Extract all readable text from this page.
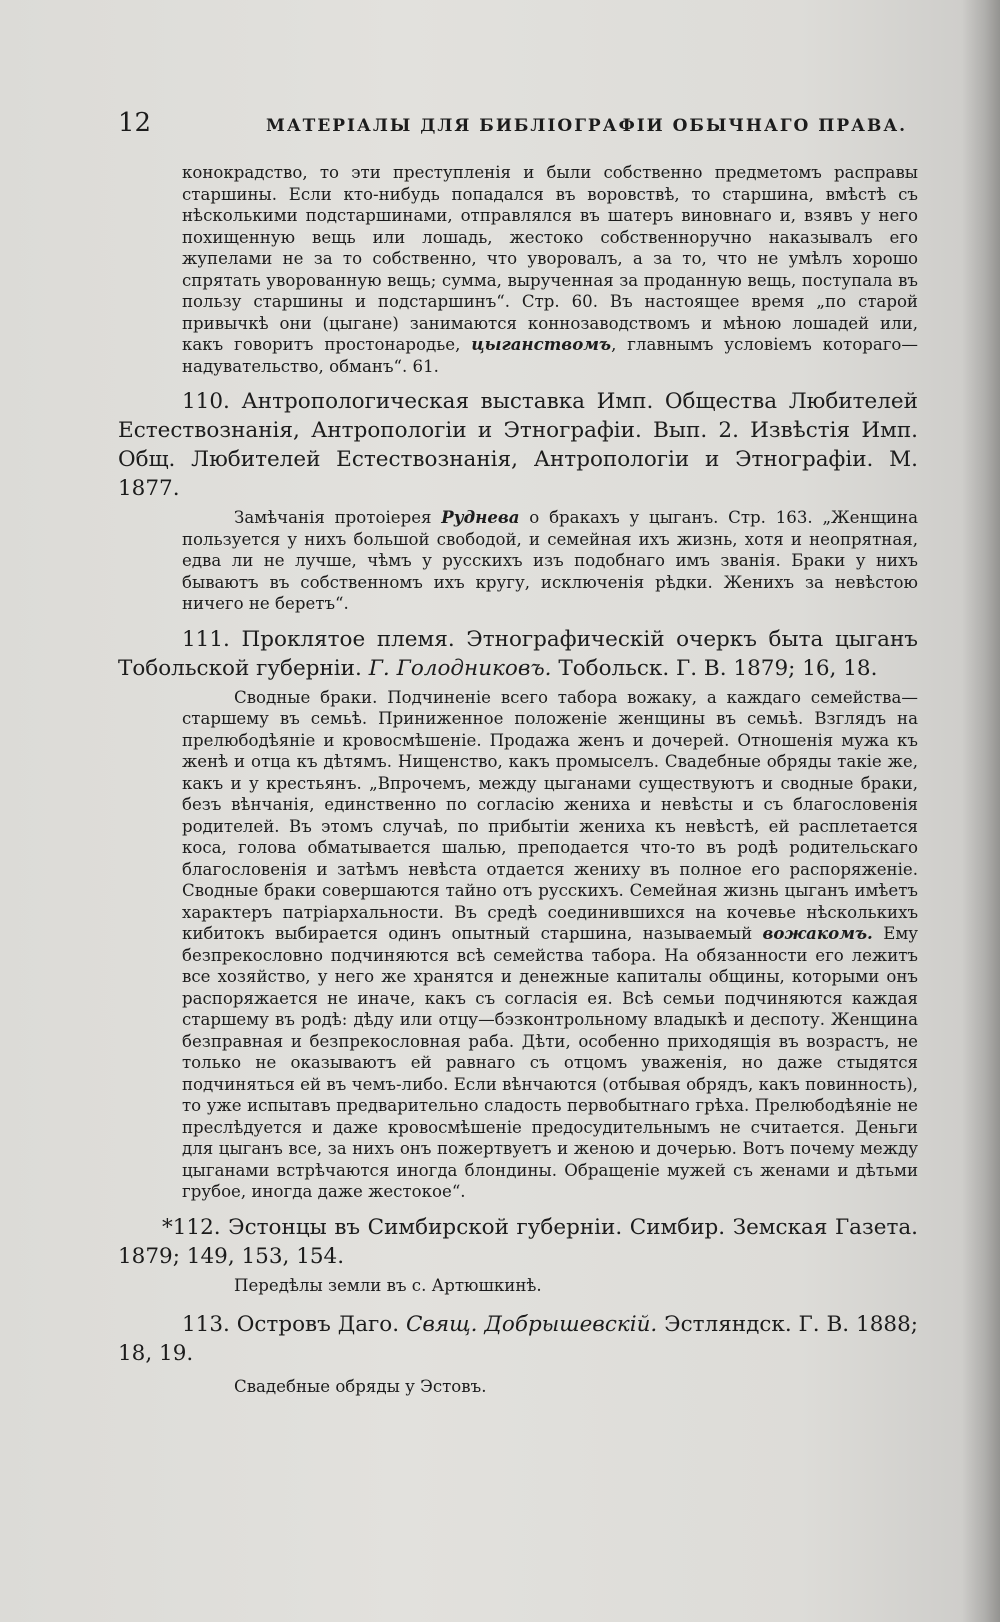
12	МАТЕРІАЛЫ ДЛЯ БИБЛІОГРАФІИ ОБЫЧНАГО ПРАВА.

конокрадство, то эти преступленія и были собственно предметомъ расправы старшины. Если кто-нибудь попадался въ воровствѣ, то старшина, вмѣстѣ съ нѣсколькими подстаршинами, отправлялся въ шатеръ виновнаго и, взявъ у него похищенную вещь или лошадь, жестоко собственноручно наказывалъ его жупелами не за то собственно, что уворовалъ, а за то, что не умѣлъ хорошо спрятать уворованную вещь; сумма, вырученная за проданную вещь, поступала въ пользу старшины и подстаршинъ“. Стр. 60. Въ настоящее время „по старой привычкѣ они (цыгане) занимаются коннозаводствомъ и мѣною лошадей или, какъ говоритъ простонародье, цыганствомъ, главнымъ условіемъ котораго—надувательство, обманъ“. 61.

110. Антропологическая выставка Имп. Общества Любителей Естествознанія, Антропологіи и Этнографіи. Вып. 2. Извѣстія Имп. Общ. Любителей Естествознанія, Антропологіи и Этнографіи. М. 1877.

Замѣчанія протоіерея Руднева о бракахъ у цыганъ. Стр. 163. „Женщина пользуется у нихъ большой свободой, и семейная ихъ жизнь, хотя и неопрятная, едва ли не лучше, чѣмъ у русскихъ изъ подобнаго имъ званія. Браки у нихъ бываютъ въ собственномъ ихъ кругу, исключенія рѣдки. Женихъ за невѣстою ничего не беретъ“.

111. Проклятое племя. Этнографическій очеркъ быта цыганъ Тобольской губерніи. Г. Голодниковъ. Тобольск. Г. В. 1879; 16, 18.

Сводные браки. Подчиненіе всего табора вожаку, а каждаго семейства—старшему въ семьѣ. Приниженное положеніе женщины въ семьѣ. Взглядъ на прелюбодѣяніе и кровосмѣшеніе. Продажа женъ и дочерей. Отношенія мужа къ женѣ и отца къ дѣтямъ. Нищенство, какъ промыселъ. Свадебные обряды такіе же, какъ и у крестьянъ. „Впрочемъ, между цыганами существуютъ и сводные браки, безъ вѣнчанія, единственно по согласію жениха и невѣсты и съ благословенія родителей. Въ этомъ случаѣ, по прибытіи жениха къ невѣстѣ, ей расплетается коса, голова обматывается шалью, преподается что-то въ родѣ родительскаго благословенія и затѣмъ невѣста отдается жениху въ полное его распоряженіе. Сводные браки совершаются тайно отъ русскихъ. Семейная жизнь цыганъ имѣетъ характеръ патріархальности. Въ средѣ соединившихся на кочевье нѣсколькихъ кибитокъ выбирается одинъ опытный старшина, называемый вожакомъ. Ему безпрекословно подчиняются всѣ семейства табора. На обязанности его лежитъ все хозяйство, у него же хранятся и денежные капиталы общины, которыми онъ распоряжается не иначе, какъ съ согласія ея. Всѣ семьи подчиняются каждая старшему въ родѣ: дѣду или отцу—бэзконтрольному владыкѣ и деспоту. Женщина безправная и безпрекословная раба. Дѣти, особенно приходящія въ возрастъ, не только не оказываютъ ей равнаго съ отцомъ уваженія, но даже стыдятся подчиняться ей въ чемъ-либо. Если вѣнчаются (отбывая обрядъ, какъ повинность), то уже испытавъ предварительно сладость первобытнаго грѣха. Прелюбодѣяніе не преслѣдуется и даже кровосмѣшеніе предосудительнымъ не считается. Деньги для цыганъ все, за нихъ онъ пожертвуетъ и женою и дочерью. Вотъ почему между цыганами встрѣчаются иногда блондины. Обращеніе мужей съ женами и дѣтьми грубое, иногда даже жестокое“.

*112. Эстонцы въ Симбирской губерніи. Симбир. Земская Газета. 1879; 149, 153, 154.

Передѣлы земли въ с. Артюшкинѣ.

113. Островъ Даго. Свящ. Добрышевскій. Эстляндск. Г. В. 1888; 18, 19.

Свадебные обряды у Эстовъ.
